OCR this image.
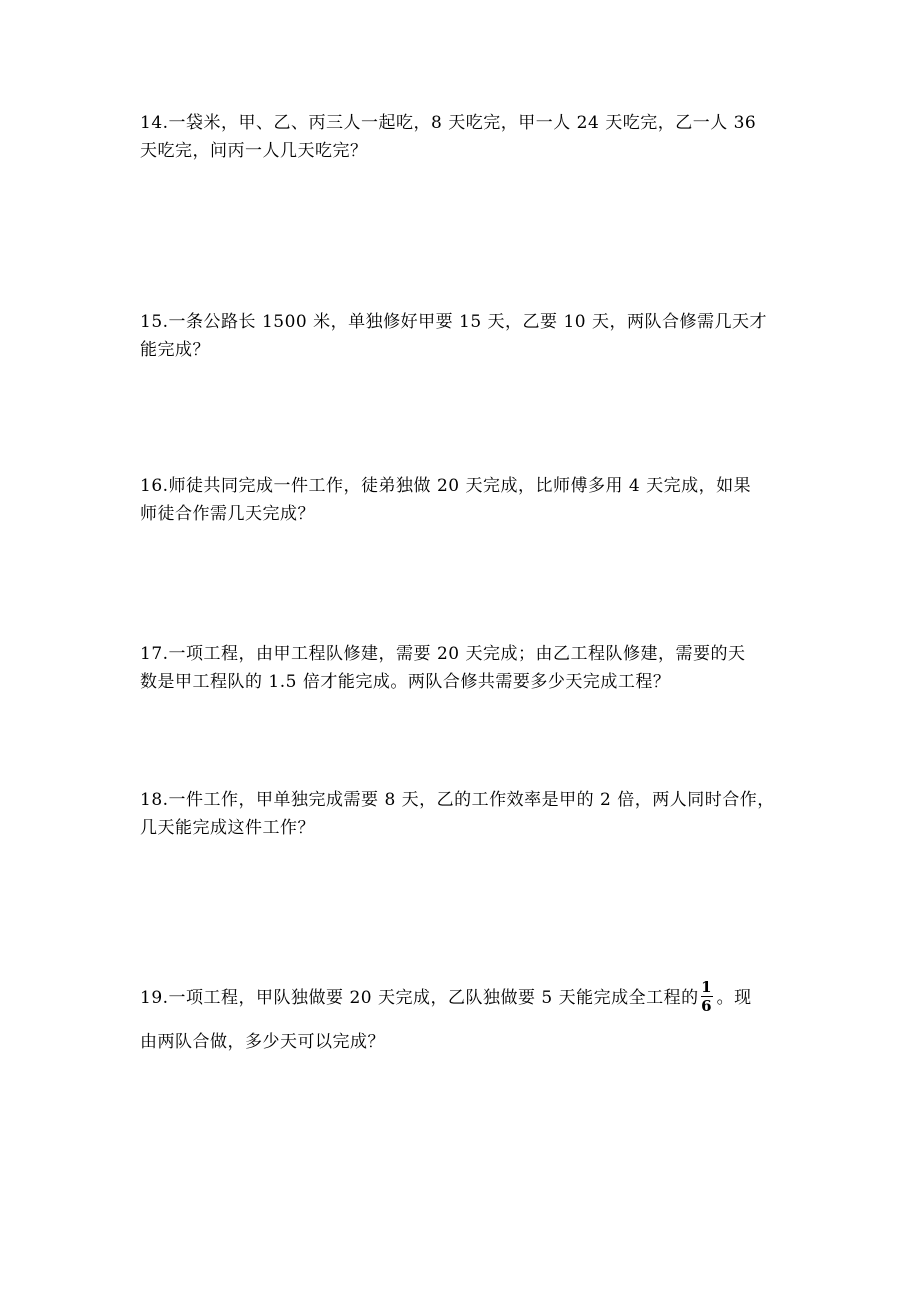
14.一袋米，甲、乙、丙三人一起吃，8 天吃完，甲一人 24 天吃完，乙一人 36
天吃完，问丙一人几天吃完？
15.一条公路长 1500 米，单独修好甲要 15 天，乙要 10 天，两队合修需几天才
能完成？
16.师徒共同完成一件工作，徒弟独做 20 天完成，比师傅多用 4 天完成，如果
师徒合作需几天完成？
17.一项工程，由甲工程队修建，需要 20 天完成；由乙工程队修建，需要的天
数是甲工程队的 1.5 倍才能完成。两队合修共需要多少天完成工程？
18.一件工作，甲单独完成需要 8 天，乙的工作效率是甲的 2 倍，两人同时合作，
几天能完成这件工作？
19.一项工程，甲队独做要 20 天完成，乙队独做要 5 天能完成全工程的 $\frac{1}{6}$ 。现
由两队合做，多少天可以完成？
